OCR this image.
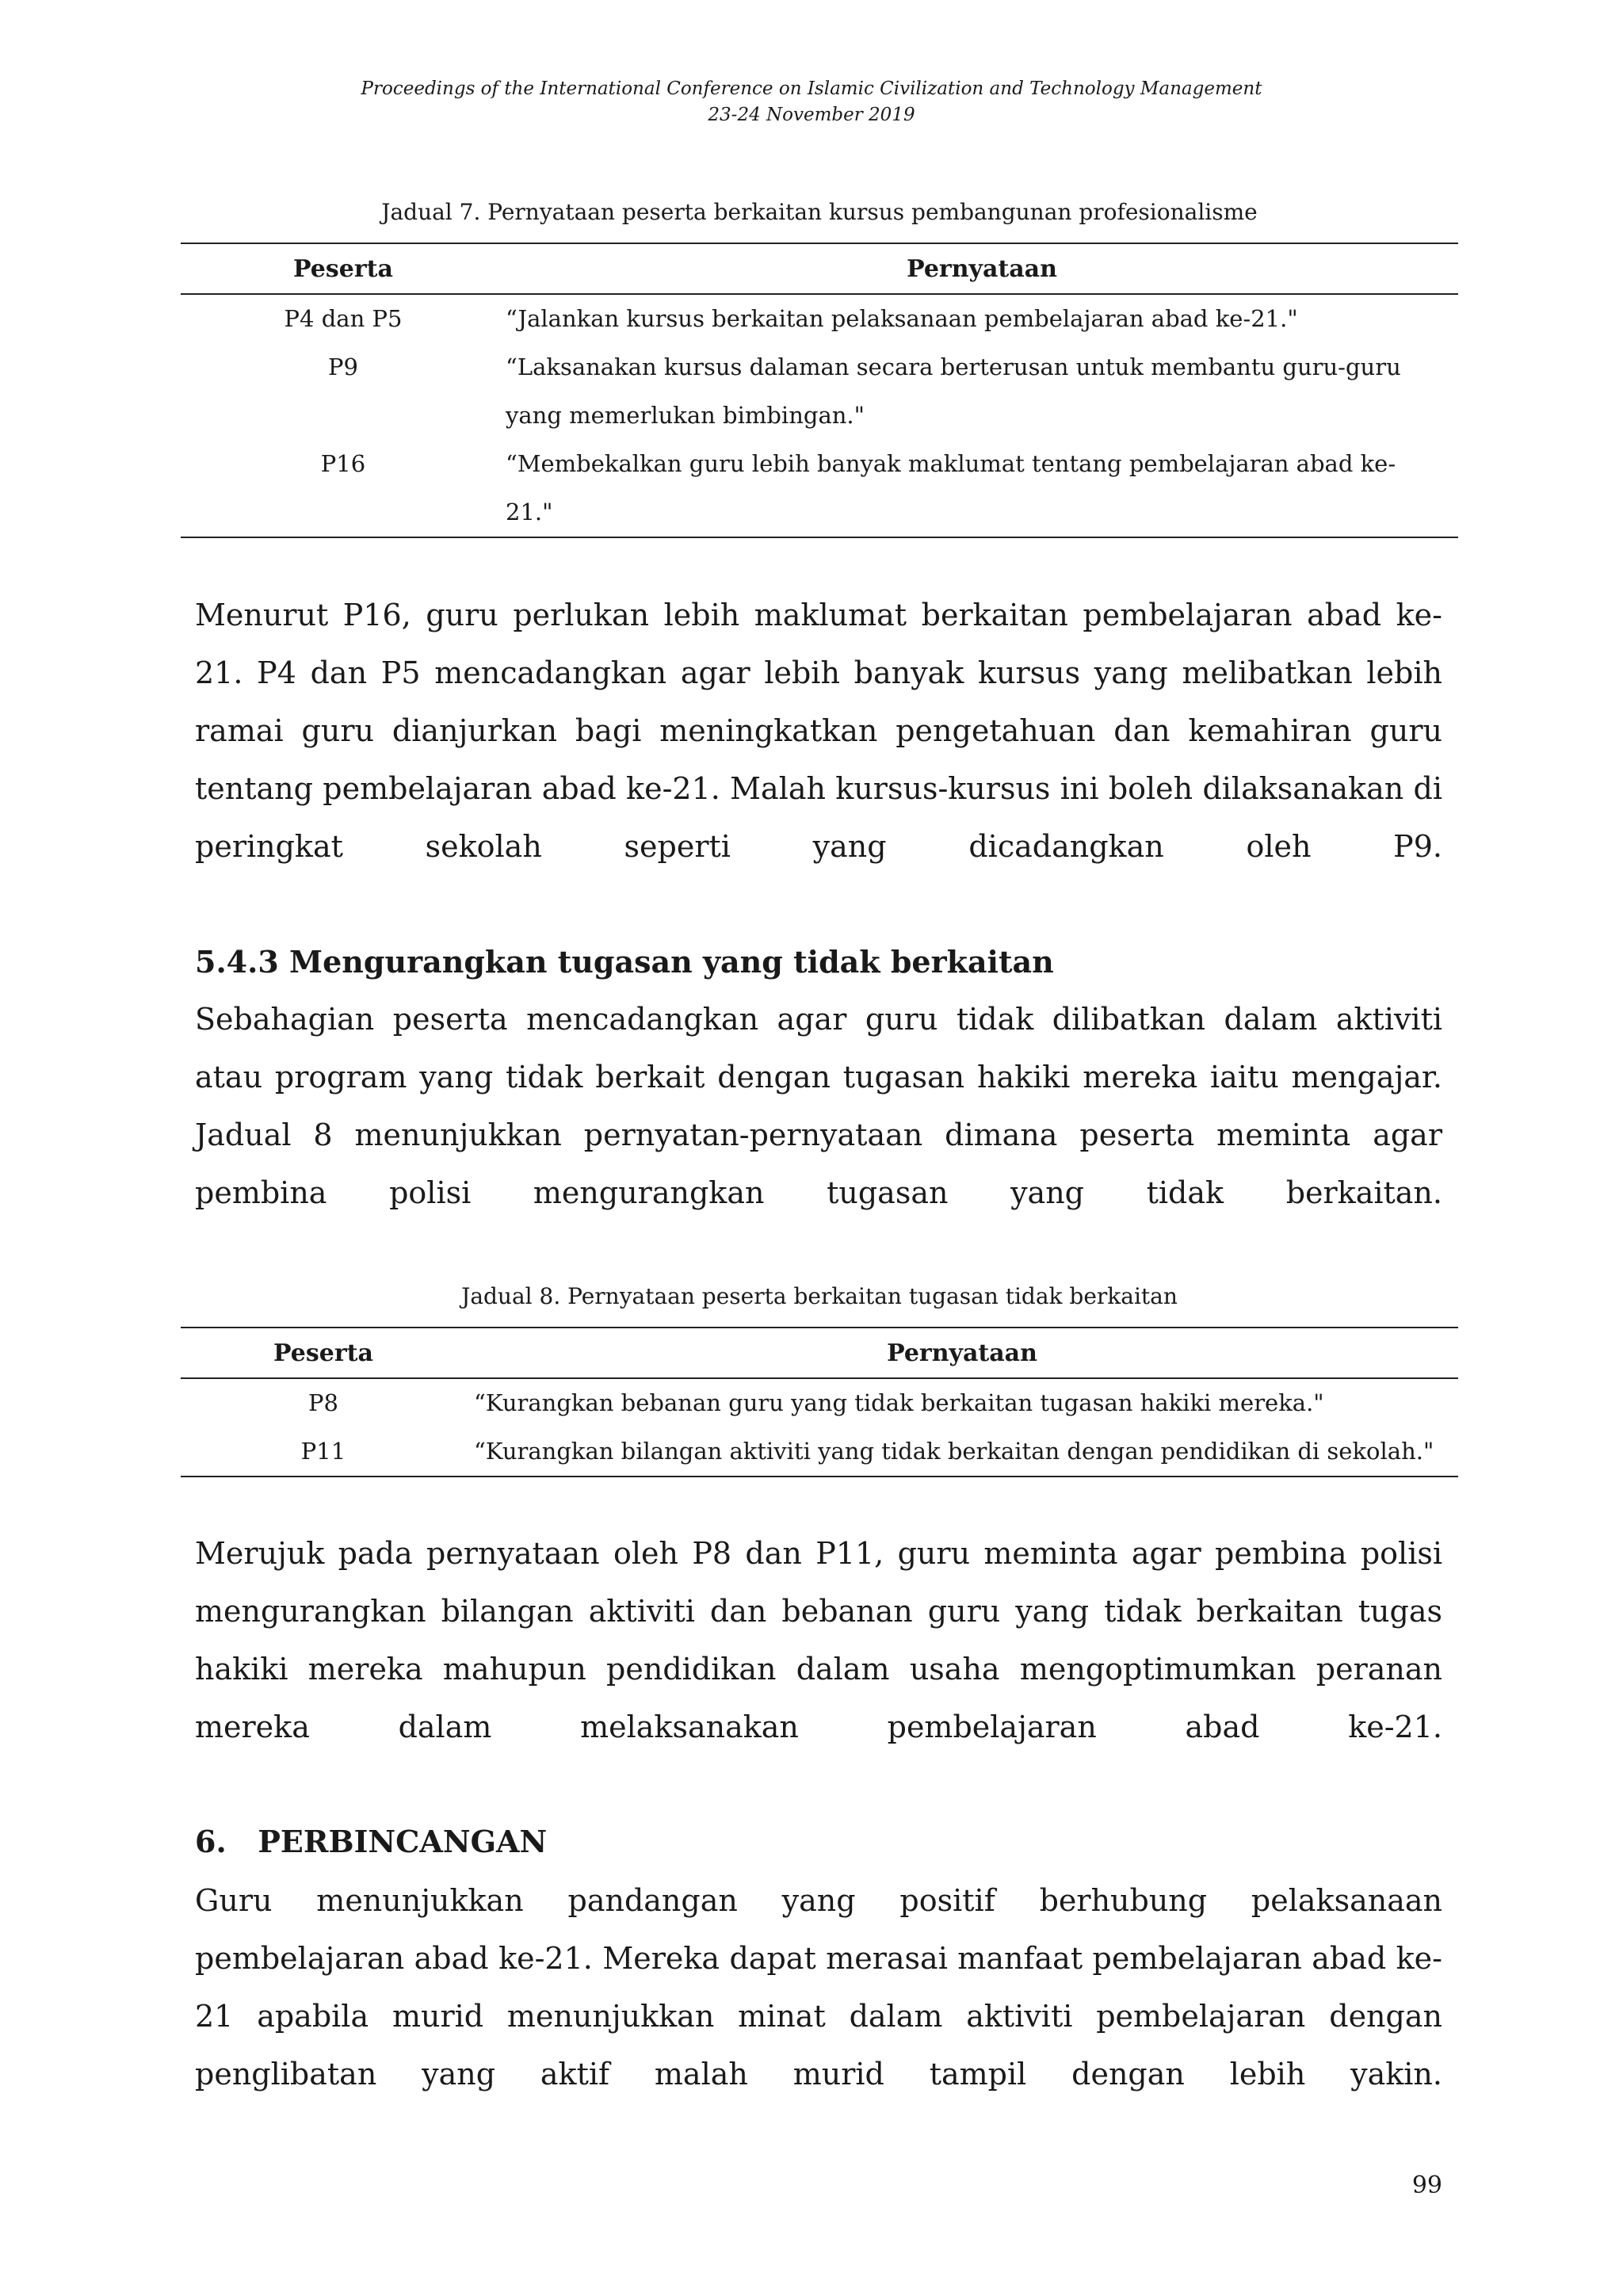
Proceedings of the International Conference on Islamic Civilization and Technology Management
23-24 November 2019
Jadual 7. Pernyataan peserta berkaitan kursus pembangunan profesionalisme
Peserta	Pernyataan
P4 dan P5	“Jalankan kursus berkaitan pelaksanaan pembelajaran abad ke-21."
P9	“Laksanakan kursus dalaman secara berterusan untuk membantu guru-guru yang memerlukan bimbingan."
P16	“Membekalkan guru lebih banyak maklumat tentang pembelajaran abad ke-21."

Menurut P16, guru perlukan lebih maklumat berkaitan pembelajaran abad ke-21. P4 dan P5 mencadangkan agar lebih banyak kursus yang melibatkan lebih ramai guru dianjurkan bagi meningkatkan pengetahuan dan kemahiran guru tentang pembelajaran abad ke-21. Malah kursus-kursus ini boleh dilaksanakan di peringkat sekolah seperti yang dicadangkan oleh P9.

5.4.3 Mengurangkan tugasan yang tidak berkaitan

Sebahagian peserta mencadangkan agar guru tidak dilibatkan dalam aktiviti atau program yang tidak berkait dengan tugasan hakiki mereka iaitu mengajar. Jadual 8 menunjukkan pernyatan-pernyataan dimana peserta meminta agar pembina polisi mengurangkan tugasan yang tidak berkaitan.

Jadual 8. Pernyataan peserta berkaitan tugasan tidak berkaitan
Peserta	Pernyataan
P8	“Kurangkan bebanan guru yang tidak berkaitan tugasan hakiki mereka."
P11	“Kurangkan bilangan aktiviti yang tidak berkaitan dengan pendidikan di sekolah."

Merujuk pada pernyataan oleh P8 dan P11, guru meminta agar pembina polisi mengurangkan bilangan aktiviti dan bebanan guru yang tidak berkaitan tugas hakiki mereka mahupun pendidikan dalam usaha mengoptimumkan peranan mereka dalam melaksanakan pembelajaran abad ke-21.

6.   PERBINCANGAN

Guru menunjukkan pandangan yang positif berhubung pelaksanaan pembelajaran abad ke-21. Mereka dapat merasai manfaat pembelajaran abad ke-21 apabila murid menunjukkan minat dalam aktiviti pembelajaran dengan penglibatan yang aktif malah murid tampil dengan lebih yakin.

99
